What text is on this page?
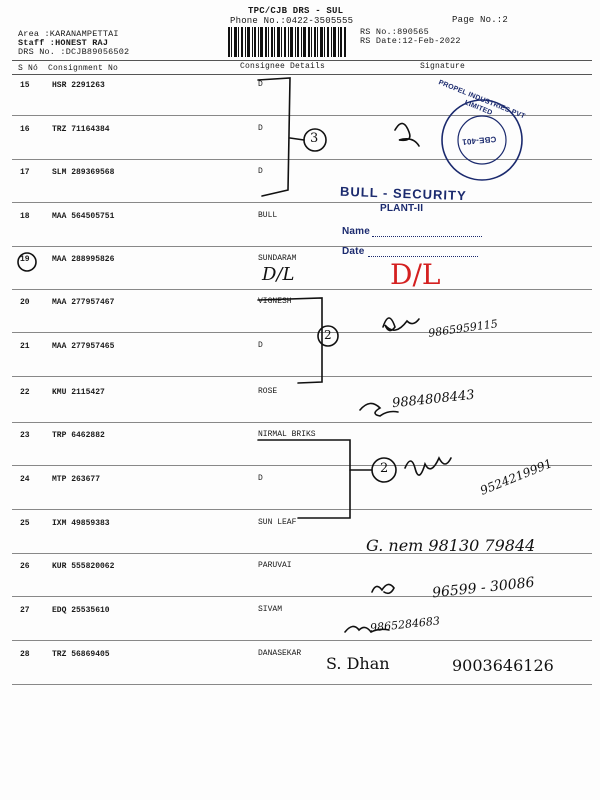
TPC/CJB DRS - SUL
Phone No.:0422-3505555	Page No.:2
Area :KARANAMPETTAI
Staff :HONEST RAJ
DRS No. :DCJB89056502
RS No.:890565
RS Date:12-Feb-2022
S Nó Consignment No	Consignee Details	Signature
15	HSR 2291263	D
16	TRZ 71164384	D
17	SLM 289369568	D
18	MAA 564505751	BULL
19	MAA 288995826	SUNDARAM
20	MAA 277957467	VIGNESH
21	MAA 277957465	D
22	KMU 2115427	ROSE
23	TRP 6462882	NIRMAL BRIKS
24	MTP 263677	D
25	IXM 49859383	SUN LEAF
26	KUR 555820062	PARUVAI
27	EDQ 25535610	SIVAM
28	TRZ 56869405	DANASEKAR
CBE-401
PROPEL INDUSTRIES PVT LIMITED
BULL - SECURITY
PLANT-II
Name
Date
3
2
2
D/L	D/L
9865959115
9884808443
9524219991
G. nem 98130 79844
96599 - 30086
9865284683
S. Dhan	9003646126
